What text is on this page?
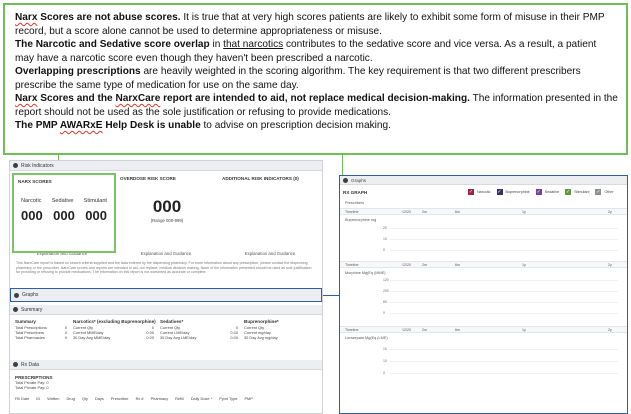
Narx Scores are not abuse scores. It is true that at very high scores patients are likely to exhibit some form of misuse in their PMP record, but a score alone cannot be used to determine appropriateness or misuse.

The Narcotic and Sedative score overlap in that narcotics contributes to the sedative score and vice versa. As a result, a patient may have a narcotic score even though they haven't been prescribed a narcotic.

Overlapping prescriptions are heavily weighted in the scoring algorithm. The key requirement is that two different prescribers prescribe the same type of medication for use on the same day.

Narx Scores and the NarxCare report are intended to aid, not replace medical decision-making. The information presented in the report should not be used as the sole justification or refusing to provide medications.

The PMP AWARxE Help Desk is unable to advise on prescription decision making.

Risk Indicators
NARX SCORES
Narcotic Sedative Stimulant
000 000 000
OVERDOSE RISK SCORE
000
(Range 000-999)
ADDITIONAL RISK INDICATORS (0)
Explanation and Guidance	Explanation and Guidance	Explanation and Guidance
This NarxCare report is based on search criteria supplied and the data entered by the dispensing pharmacy. For more information about any prescription, please contact the dispensing pharmacy or the prescriber. NarxCare scores and reports are intended to aid, not replace, medical decision making. None of the information presented should be used as sole justification for providing or refusing to provide medications. The information on this report is not warranted as accurate or complete.
Graphs
Summary
Summary	Narcotics* (excluding Buprenorphine) Sedatives*	Buprenorphine*
Total Prescriptions	0 Current Qty	0 Current Qty	0 Current Qty
Total Prescribers	0 Current MME/day	0.00 Current LME/day	0.00 Current mg/day
Total Pharmacies	0 30 Day Avg MME/day	0.00 30 Day Avg LME/day	0.00 30 Day Avg mg/day
Rx Data
PRESCRIPTIONS
Total Private Pay: 0
Total Private Pay: 0
Fill Date ID Written Drug Qty Days Prescriber Rx # Pharmacy Refill Daily Dose * Pymt Type PMP
Graphs
RX GRAPH	✓ Narcotic ✓ Buprenorphine ✓ Sedative ✓ Stimulant ✓ Other
Prescribers
Timeline	12/20	2m	6m	1y	2y
Buprenorphine mg
20
10
0
Timeline	12/20	2m	6m	1y	2y
Morphine Mg(Eq (MME)
120
200
80
0
Timeline	12/20	2m	6m	1y	2y
Lorazepam Mg(Eq (LME)
10
10
0
